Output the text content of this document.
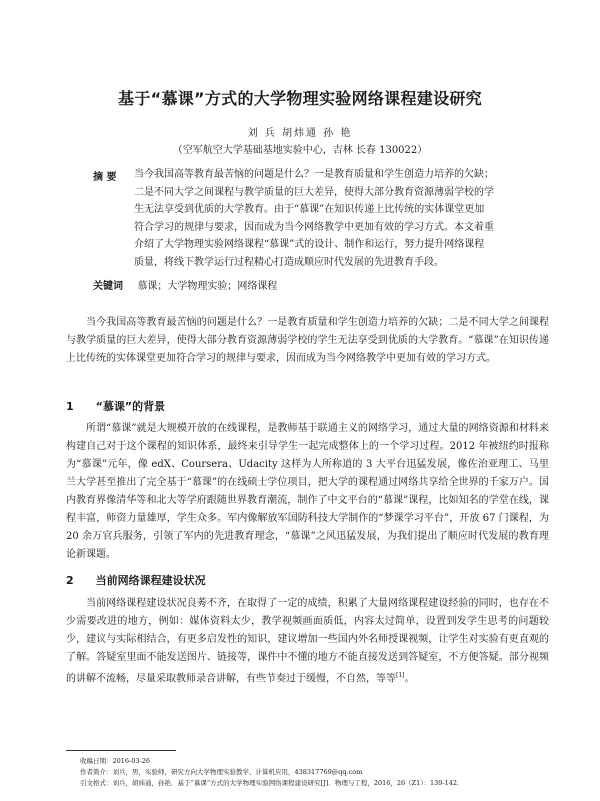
基于“慕课”方式的大学物理实验网络课程建设研究
刘 兵 胡炜通 孙 艳
（空军航空大学基础基地实验中心，吉林 长春 130022）
摘 要 当今我国高等教育最苦恼的问题是什么？一是教育质量和学生创造力培养的欠缺；
二是不同大学之间课程与教学质量的巨大差异，使得大部分教育资源薄弱学校的学
生无法享受到优质的大学教育。由于“慕课”在知识传递上比传统的实体课堂更加
符合学习的规律与要求，因而成为当今网络教学中更加有效的学习方式。本文着重
介绍了大学物理实验网络课程“慕课”式的设计、制作和运行，努力提升网络课程
质量，将线下教学运行过程精心打造成顺应时代发展的先进教育手段。
关键词 慕课；大学物理实验；网络课程
当今我国高等教育最苦恼的问题是什么？一是教育质量和学生创造力培养的欠缺；二是不同大学之间课程与教学质量的巨大差异，使得大部分教育资源薄弱学校的学生无法享受到优质的大学教育。“慕课”在知识传递上比传统的实体课堂更加符合学习的规律与要求，因而成为当今网络教学中更加有效的学习方式。
1 “慕课”的背景
所谓“慕课”就是大规模开放的在线课程，是教师基于联通主义的网络学习，通过大量的网络资源和材料来构建自己对于这个课程的知识体系，最终来引导学生一起完成整体上的一个学习过程。2012 年被纽约时报称为“慕课”元年，像 edX、Coursera、Udacity 这样为人所称道的 3 大平台迅猛发展，像佐治亚理工、马里兰大学甚至推出了完全基于“慕课”的在线硕士学位项目，把大学的课程通过网络共享给全世界的千家万户。国内教育界像清华等和北大等学府跟随世界教育潮流，制作了中文平台的“慕课”课程，比如知名的学堂在线，课程丰富，师资力量雄厚，学生众多。军内像解放军国防科技大学制作的“梦课学习平台”，开放 67 门课程，为 20 余万官兵服务，引领了军内的先进教育理念，“慕课”之风迅猛发展，为我们提出了顺应时代发展的教育理论新课题。
2 当前网络课程建设状况
当前网络课程建设状况良莠不齐，在取得了一定的成绩，积累了大量网络课程建设经验的同时，也存在不少需要改进的地方，例如：媒体资料太少，教学视频画面质低，内容太过简单，设置到发学生思考的问题较少，建议与实际相结合，有更多启发性的知识，建议增加一些国内外名师授课视频，让学生对实验有更直观的了解。答疑室里面不能发送图片、链接等，课件中不懂的地方不能直接发送到答疑室，不方便答疑。部分视频的讲解不流畅，尽量采取教师录音讲解，有些节奏过于缓慢，不自然，等等[1]。
收稿日期：2016-03-26
作者简介：刘兵，男，实验师，研究方向大学物理实验教学、计算机应用，438317769@qq.com
引文格式：刘兵，胡炜通，孙艳．基于“慕课”方式的大学物理实验网络课程建设研究[J]．物理与工程，2016，26（Z1）：139-142．
